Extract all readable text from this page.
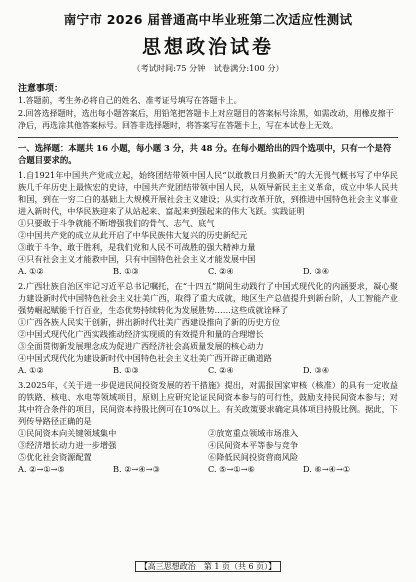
南宁市 2026 届普通高中毕业班第二次适应性测试
思想政治试卷
（考试时间:75 分钟　试卷满分:100 分）
注意事项：

1.答题前，考生务必将自己的姓名、准考证号填写在答题卡上。

2.回答选择题时，选出每小题答案后，用铅笔把答题卡上对应题目的答案标号涂黑，如需改动，用橡皮擦干净后，再选涂其他答案标号。回答非选择题时，将答案写在答题卡上，写在本试卷上无效。

一、选择题：本题共 16 小题，每小题 3 分，共 48 分。在每小题给出的四个选项中，只有一个是符合题目要求的。
1.自1921年中国共产党成立起，始终团结带领中国人民“以敢教日月换新天”的大无畏气概书写了中华民族几千年历史上最恢宏的史诗，中国共产党团结带领中国人民，从领导新民主主义革命，成立中华人民共和国，到在一穷二白的基础上大规模开展社会主义建设；从实行改革开放，到推进中国特色社会主义事业进入新时代，中华民族迎来了从站起来、富起来到强起来的伟大飞跃。实践证明
①只要敢于斗争就能不断增强我们的骨气、志气、底气
②中国共产党的成立从此开启了中华民族伟大复兴的历史新纪元
③敢于斗争、敢于胜利，是我们党和人民不可战胜的强大精神力量
④只有社会主义才能救中国，只有中国特色社会主义才能发展中国
A. ①②	B. ①③	C. ②④	D. ③④
2.广西壮族自治区牢记习近平总书记嘱托，在“十四五”期间生动践行了中国式现代化的内涵要求，凝心聚力建设新时代中国特色社会主义壮美广西，取得了重大成就，地区生产总值提升到新台阶，人工智能产业强势崛起赋能千行百业，生态优势持续转化为发展胜势……这些成就诠释了
①广西各族人民实干创新，拼出新时代壮美广西建设推向了新的历史方位
②中国式现代化广西实践推动经济实现质的有效提升和量的合理增长
③全面贯彻新发展理念成为促进广西经济社会高质量发展的核心动力
④中国式现代化为建设新时代中国特色社会主义壮美广西开辟正确道路
A. ①②	B. ①③	C. ②④	D. ③④
3.2025年，《关于进一步促进民间投资发展的若干措施》提出，对需报国家审核（核准）的具有一定收益的铁路、核电、水电等领域项目，原则上应研究论证民间资本参与的可行性，鼓励支持民间资本参与；对其中符合条件的项目，民间资本持股比例可在10%以上。有关政策要求确定具体项目持股比例。据此，下列传导路径正确的是
①民间资本向关键领域集中	②放宽重点领域市场准入
③经济增长动力进一步增强	④民间资本平等参与竞争
⑤优化社会资源配置	⑥降低民间投资营商风险
A. ②→①→⑤	B. ②→④→③	C. ⑤→①→⑥	D. ⑥→④→①
【高三思想政治　第 1 页（共 6 页）】
